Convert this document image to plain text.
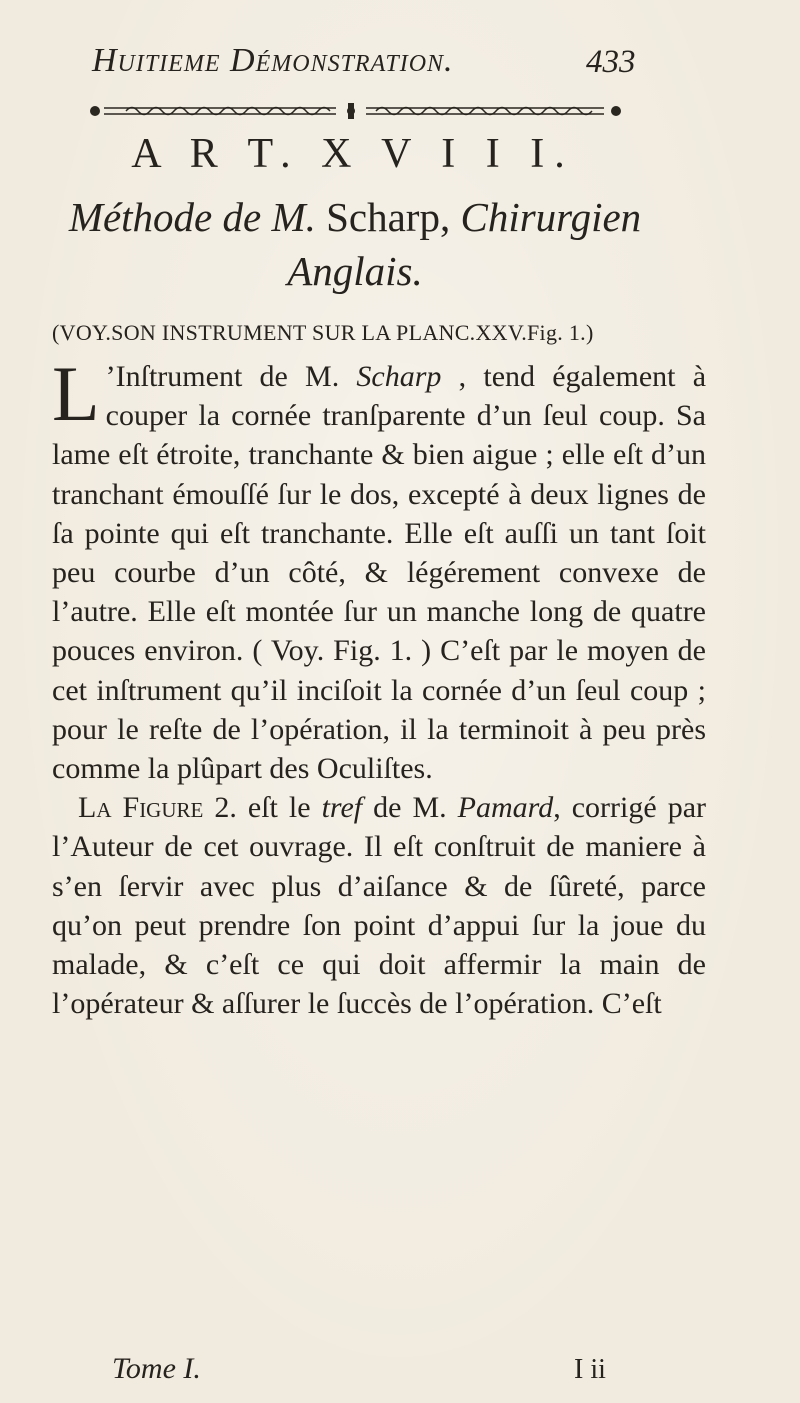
Huitieme Démonstration.	433
A R T. X V I I I.
Méthode de M. Scharp, Chirurgien
Anglais.
(VOY.SON INSTRUMENT SUR LA PLANC.XXV.Fig. 1.)

L ’Inſtrument de M. Scharp , tend également à couper la cornée tranſparente d’un ſeul coup. Sa lame eſt étroite, tranchante & bien aigue ; elle eſt d’un tranchant émouſſé ſur le dos, excepté à deux lignes de ſa pointe qui eſt tranchante. Elle eſt auſſi un tant ſoit peu courbe d’un côté, & légérement convexe de l’autre. Elle eſt montée ſur un manche long de quatre pouces environ. ( Voy. Fig. 1. ) C’eſt par le moyen de cet inſtrument qu’il inciſoit la cornée d’un ſeul coup ; pour le reſte de l’opération, il la terminoit à peu près comme la plûpart des Oculiſtes.

La Figure 2. eſt le tref de M. Pamard, corrigé par l’Auteur de cet ouvrage. Il eſt conſtruit de maniere à s’en ſervir avec plus d’aiſance & de ſûreté, parce qu’on peut prendre ſon point d’appui ſur la joue du malade, & c’eſt ce qui doit affermir la main de l’opérateur & aſſurer le ſuccès de l’opération. C’eſt

Tome I.	I ii
